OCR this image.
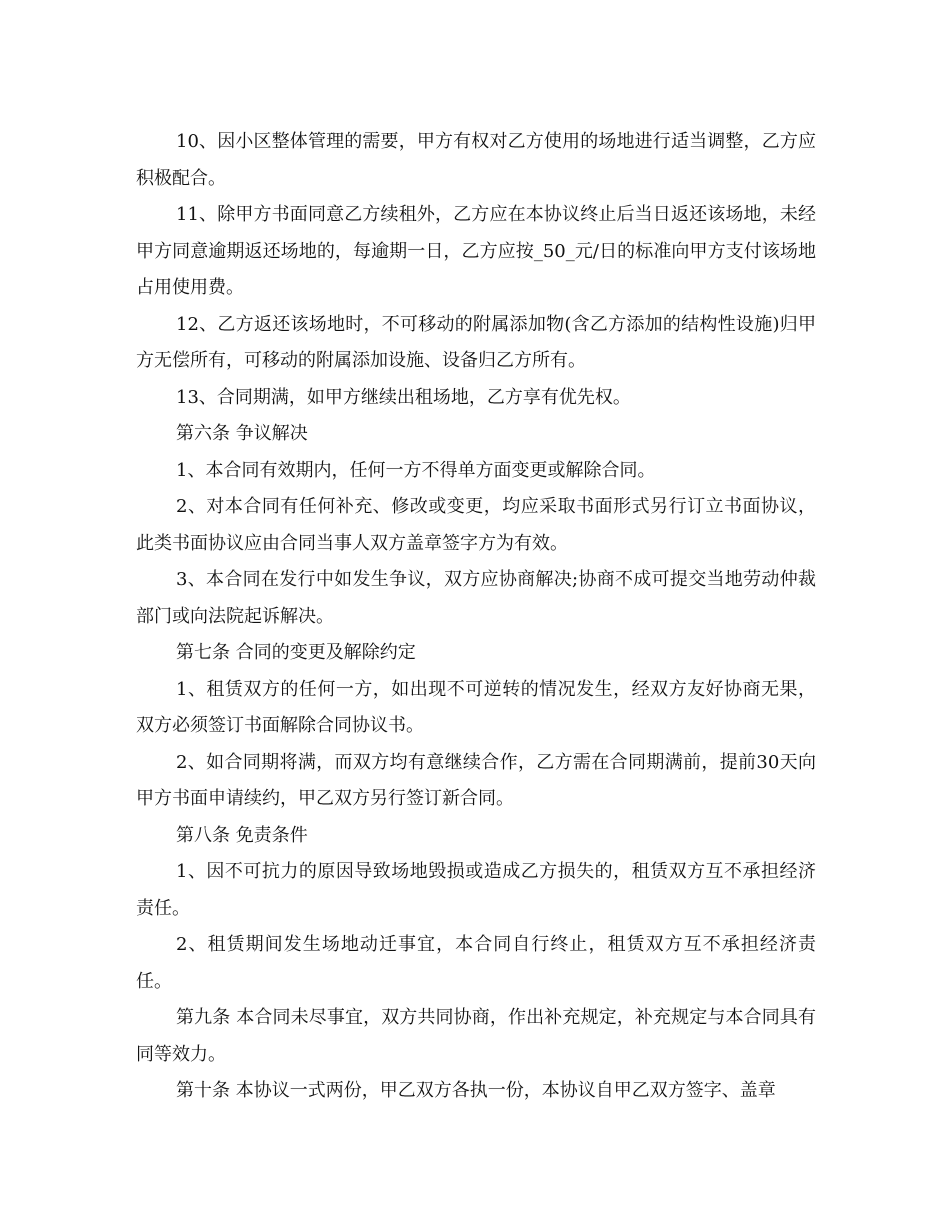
10、因小区整体管理的需要，甲方有权对乙方使用的场地进行适当调整，乙方应积极配合。

11、除甲方书面同意乙方续租外，乙方应在本协议终止后当日返还该场地，未经甲方同意逾期返还场地的，每逾期一日，乙方应按_50_元/日的标准向甲方支付该场地占用使用费。

12、乙方返还该场地时，不可移动的附属添加物(含乙方添加的结构性设施)归甲方无偿所有，可移动的附属添加设施、设备归乙方所有。

13、合同期满，如甲方继续出租场地，乙方享有优先权。

第六条 争议解决

1、本合同有效期内，任何一方不得单方面变更或解除合同。

2、对本合同有任何补充、修改或变更，均应采取书面形式另行订立书面协议， 此类书面协议应由合同当事人双方盖章签字方为有效。

3、本合同在发行中如发生争议，双方应协商解决;协商不成可提交当地劳动仲裁部门或向法院起诉解决。

第七条 合同的变更及解除约定

1、租赁双方的任何一方，如出现不可逆转的情况发生，经双方友好协商无果，双方必须签订书面解除合同协议书。

2、如合同期将满，而双方均有意继续合作，乙方需在合同期满前，提前30天向甲方书面申请续约，甲乙双方另行签订新合同。

第八条 免责条件

1、因不可抗力的原因导致场地毁损或造成乙方损失的，租赁双方互不承担经济责任。

2、租赁期间发生场地动迁事宜，本合同自行终止，租赁双方互不承担经济责任。

第九条 本合同未尽事宜，双方共同协商，作出补充规定，补充规定与本合同具有同等效力。

第十条 本协议一式两份，甲乙双方各执一份，本协议自甲乙双方签字、盖章
